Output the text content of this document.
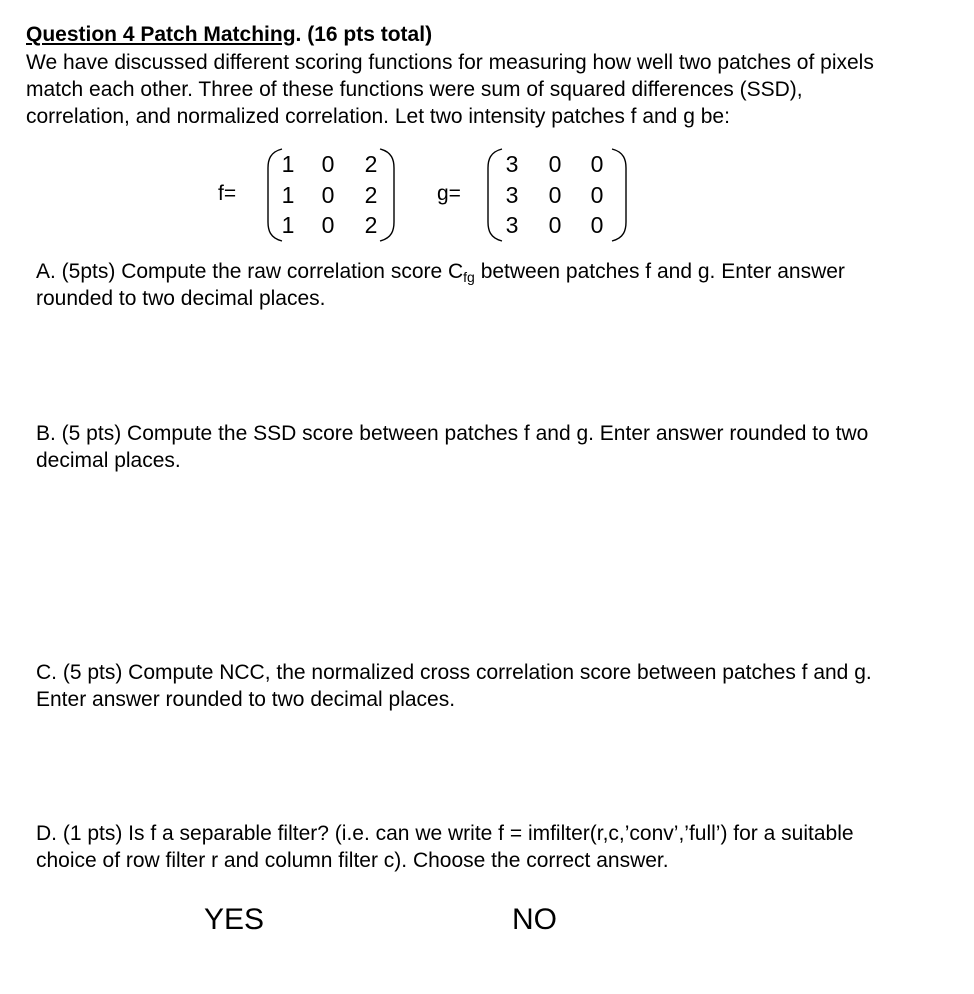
Question 4 Patch Matching. (16 pts total)
We have discussed different scoring functions for measuring how well two patches of pixels
match each other. Three of these functions were sum of squared differences (SSD),
correlation, and normalized correlation. Let two intensity patches f and g be:
f=
1	0	2
1	0	2
1	0	2
g=
3	0	0
3	0	0
3	0	0
A. (5pts) Compute the raw correlation score $C_{fg}$ between patches f and g. Enter answer
rounded to two decimal places.
B. (5 pts) Compute the SSD score between patches f and g. Enter answer rounded to two
decimal places.
C. (5 pts) Compute NCC, the normalized cross correlation score between patches f and g.
Enter answer rounded to two decimal places.
D. (1 pts) Is f a separable filter? (i.e. can we write f = imfilter(r,c,’conv’,’full’) for a suitable
choice of row filter r and column filter c). Choose the correct answer.
YES	NO
